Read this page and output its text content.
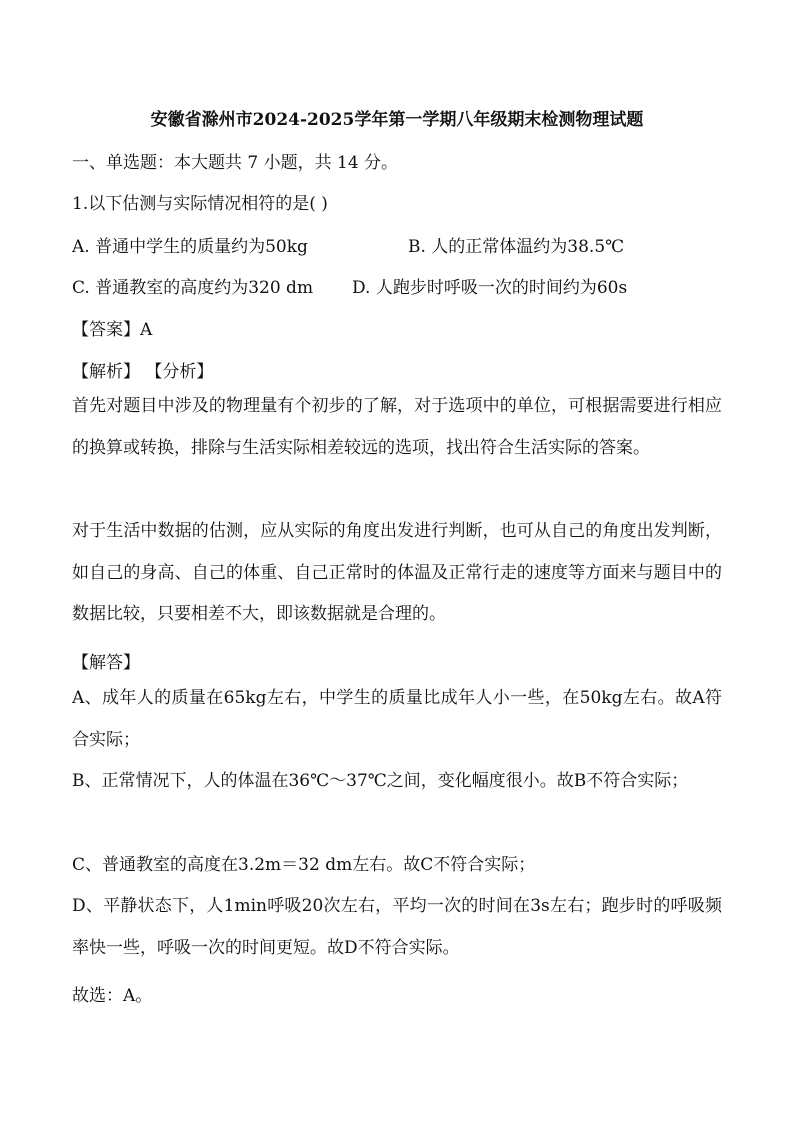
安徽省滁州市2024-2025学年第一学期八年级期末检测物理试题
一、单选题：本大题共 7 小题，共 14 分。
1.以下估测与实际情况相符的是( )
A. 普通中学生的质量约为50kg	B. 人的正常体温约为38.5℃
C. 普通教室的高度约为320 dm D. 人跑步时呼吸一次的时间约为60s
【答案】A
【解析】 【分析】
首先对题目中涉及的物理量有个初步的了解，对于选项中的单位，可根据需要进行相应的换算或转换，排除与生活实际相差较远的选项，找出符合生活实际的答案。
对于生活中数据的估测，应从实际的角度出发进行判断，也可从自己的角度出发判断，如自己的身高、自己的体重、自己正常时的体温及正常行走的速度等方面来与题目中的数据比较，只要相差不大，即该数据就是合理的。
【解答】
A、成年人的质量在65kg左右，中学生的质量比成年人小一些，在50kg左右。故A符合实际；
B、正常情况下，人的体温在36℃～37℃之间，变化幅度很小。故B不符合实际；
C、普通教室的高度在3.2m＝32 dm左右。故C不符合实际；
D、平静状态下，人1min呼吸20次左右，平均一次的时间在3s左右；跑步时的呼吸频率快一些，呼吸一次的时间更短。故D不符合实际。
故选：A。
